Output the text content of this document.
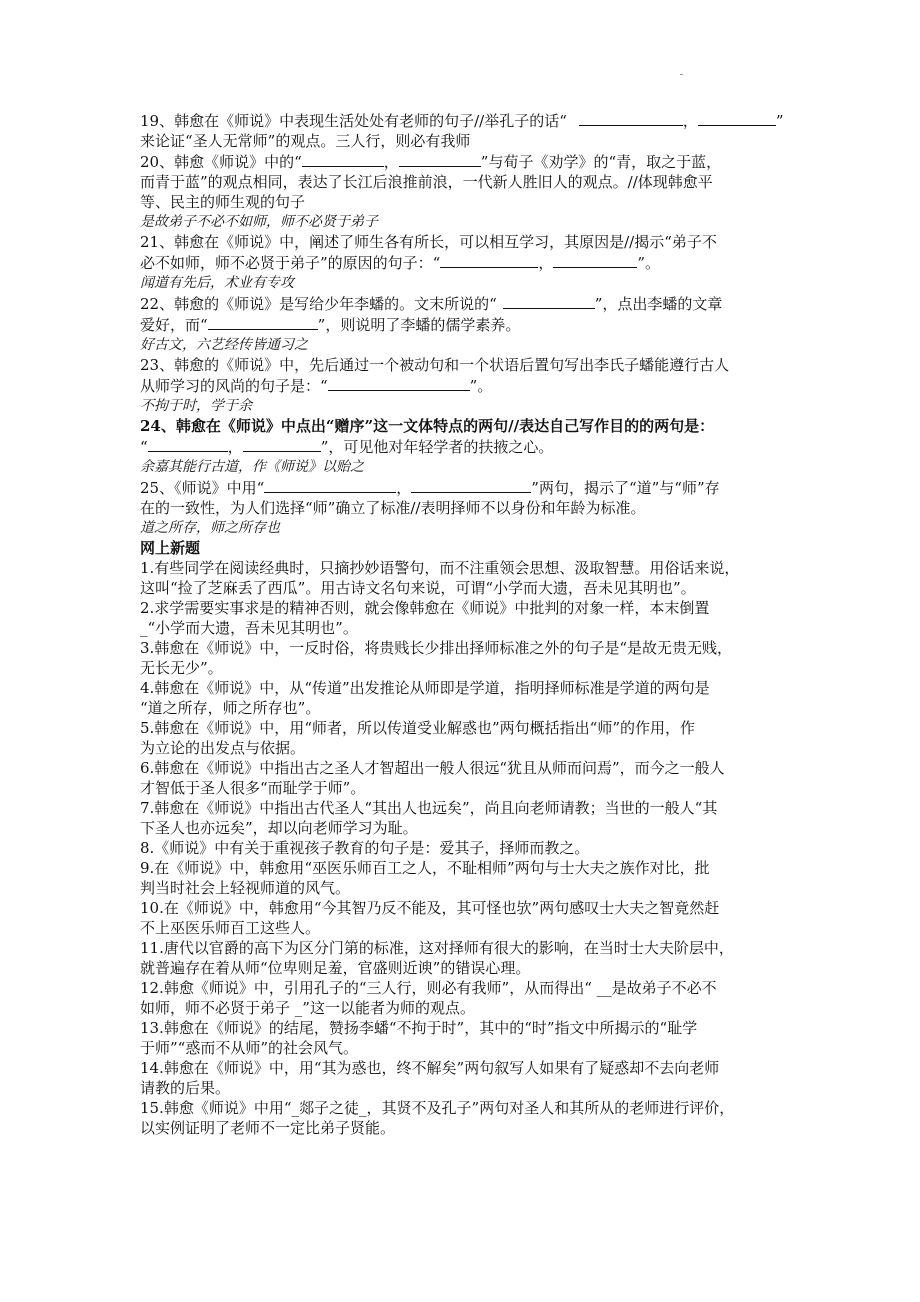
19、韩愈在《师说》中表现生活处处有老师的句子//举孔子的话“	，	”
来论证“圣人无常师”的观点。三人行，则必有我师
20、韩愈《师说》中的“	，	”与荀子《劝学》的“青，取之于蓝，
而青于蓝”的观点相同，表达了长江后浪推前浪，一代新人胜旧人的观点。//体现韩愈平
等、民主的师生观的句子
是故弟子不必不如师，师不必贤于弟子
21、韩愈在《师说》中，阐述了师生各有所长，可以相互学习，其原因是//揭示“弟子不
必不如师，师不必贤于弟子”的原因的句子：“	，	”。
闻道有先后，术业有专攻
22、韩愈的《师说》是写给少年李蟠的。文末所说的“	”，点出李蟠的文章
爱好，而“	”，则说明了李蟠的儒学素养。
好古文，六艺经传皆通习之
23、韩愈的《师说》中，先后通过一个被动句和一个状语后置句写出李氏子蟠能遵行古人
从师学习的风尚的句子是：“	”。
不拘于时，学于余
24、韩愈在《师说》中点出“赠序”这一文体特点的两句//表达自己写作目的的两句是：
“	，	”，可见他对年轻学者的扶掖之心。
余嘉其能行古道，作《师说》以贻之
25、《师说》中用“	，	”两句，揭示了“道”与“师”存
在的一致性，为人们选择“师”确立了标准//表明择师不以身份和年龄为标准。
道之所存，师之所存也
网上新题
1.有些同学在阅读经典时，只摘抄妙语警句，而不注重领会思想、汲取智慧。用俗话来说，
这叫“捡了芝麻丢了西瓜”。用古诗文名句来说，可谓“小学而大遗，吾未见其明也”。
2.求学需要实事求是的精神否则，就会像韩愈在《师说》中批判的对象一样，本末倒置
_“小学而大遗，吾未见其明也”。
3.韩愈在《师说》中，一反时俗，将贵贱长少排出择师标准之外的句子是“是故无贵无贱，
无长无少”。
4.韩愈在《师说》中，从“传道”出发推论从师即是学道，指明择师标准是学道的两句是
“道之所存，师之所存也”。
5.韩愈在《师说》中，用“师者，所以传道受业解惑也”两句概括指出“师”的作用，作
为立论的出发点与依据。
6.韩愈在《师说》中指出古之圣人才智超出一般人很远“犹且从师而问焉”，而今之一般人
才智低于圣人很多“而耻学于师”。
7.韩愈在《师说》中指出古代圣人“其出人也远矣”，尚且向老师请教；当世的一般人“其
下圣人也亦远矣”，却以向老师学习为耻。
8.《师说》中有关于重视孩子教育的句子是：爱其子，择师而教之。
9.在《师说》中，韩愈用“巫医乐师百工之人，不耻相师”两句与士大夫之族作对比，批
判当时社会上轻视师道的风气。
10.在《师说》中，韩愈用“今其智乃反不能及，其可怪也欤”两句感叹士大夫之智竟然赶
不上巫医乐师百工这些人。
11.唐代以官爵的高下为区分门第的标准，这对择师有很大的影响，在当时士大夫阶层中，
就普遍存在着从师“位卑则足羞，官盛则近谀”的错误心理。
12.韩愈《师说》中，引用孔子的“三人行，则必有我师”，从而得出“ __是故弟子不必不
如师，师不必贤于弟子 _”这一以能者为师的观点。
13.韩愈在《师说》的结尾，赞扬李蟠“不拘于时”，其中的“时”指文中所揭示的“耻学
于师”“惑而不从师”的社会风气。
14.韩愈在《师说》中，用“其为惑也，终不解矣”两句叙写人如果有了疑惑却不去向老师
请教的后果。
15.韩愈《师说》中用“_郯子之徒_，其贤不及孔子”两句对圣人和其所从的老师进行评价，
以实例证明了老师不一定比弟子贤能。
